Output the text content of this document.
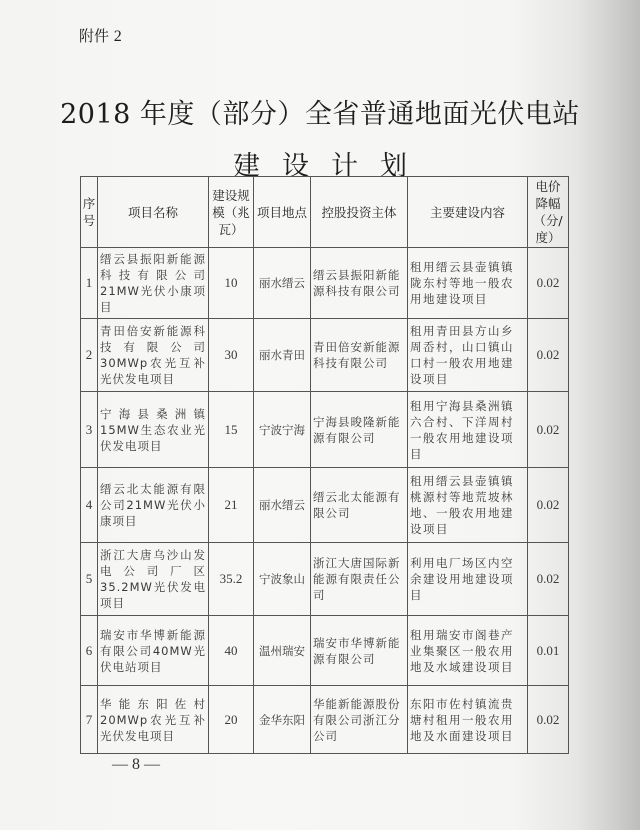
附件 2
2018 年度（部分）全省普通地面光伏电站
建设计划
序号	项目名称	建设规模（兆瓦）	项目地点	控股投资主体	主要建设内容	电价降幅（分/度）
1	缙云县振阳新能源科技有限公司21MW光伏小康项目	10	丽水缙云	缙云县振阳新能源科技有限公司	租用缙云县壶镇镇陇东村等地一般农用地建设项目	0.02
2	青田倍安新能源科技有限公司30MWp农光互补光伏发电项目	30	丽水青田	青田倍安新能源科技有限公司	租用青田县方山乡周岙村，山口镇山口村一般农用地建设项目	0.02
3	宁海县桑洲镇15MW生态农业光伏发电项目	15	宁波宁海	宁海县晙隆新能源有限公司	租用宁海县桑洲镇六合村、下洋周村一般农用地建设项目	0.02
4	缙云北太能源有限公司21MW光伏小康项目	21	丽水缙云	缙云北太能源有限公司	租用缙云县壶镇镇桃源村等地荒坡林地、一般农用地建设项目	0.02
5	浙江大唐乌沙山发电公司厂区35.2MW光伏发电项目	35.2	宁波象山	浙江大唐国际新能源有限责任公司	利用电厂场区内空余建设用地建设项目	0.02
6	瑞安市华博新能源有限公司40MW光伏电站项目	40	温州瑞安	瑞安市华博新能源有限公司	租用瑞安市阁巷产业集聚区一般农用地及水域建设项目	0.01
7	华能东阳佐村20MWp农光互补光伏发电项目	20	金华东阳	华能新能源股份有限公司浙江分公司	东阳市佐村镇流贵塘村租用一般农用地及水面建设项目	0.02
— 8 —
